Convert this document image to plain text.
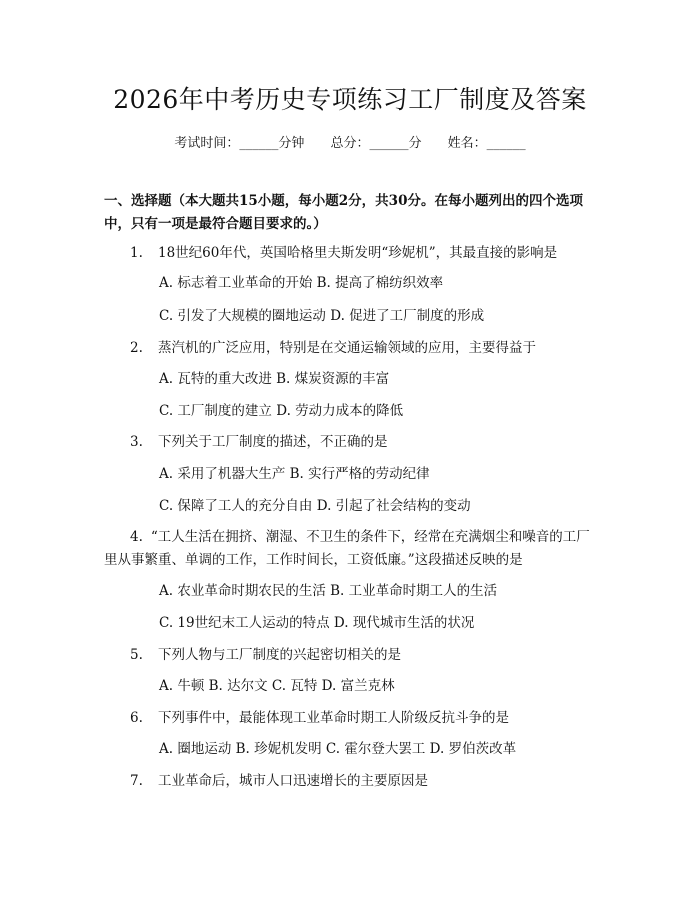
2026年中考历史专项练习工厂制度及答案
考试时间：______分钟 总分：______分 姓名：______
一、选择题（本大题共15小题，每小题2分，共30分。在每小题列出的四个选项中，只有一项是最符合题目要求的。）
1. 18世纪60年代，英国哈格里夫斯发明“珍妮机”，其最直接的影响是
A. 标志着工业革命的开始 B. 提高了棉纺织效率
C. 引发了大规模的圈地运动 D. 促进了工厂制度的形成
2. 蒸汽机的广泛应用，特别是在交通运输领域的应用，主要得益于
A. 瓦特的重大改进 B. 煤炭资源的丰富
C. 工厂制度的建立 D. 劳动力成本的降低
3. 下列关于工厂制度的描述，不正确的是
A. 采用了机器大生产 B. 实行严格的劳动纪律
C. 保障了工人的充分自由 D. 引起了社会结构的变动
4. “工人生活在拥挤、潮湿、不卫生的条件下，经常在充满烟尘和噪音的工厂里从事繁重、单调的工作，工作时间长，工资低廉。”这段描述反映的是
A. 农业革命时期农民的生活 B. 工业革命时期工人的生活
C. 19世纪末工人运动的特点 D. 现代城市生活的状况
5. 下列人物与工厂制度的兴起密切相关的是
A. 牛顿 B. 达尔文 C. 瓦特 D. 富兰克林
6. 下列事件中，最能体现工业革命时期工人阶级反抗斗争的是
A. 圈地运动 B. 珍妮机发明 C. 霍尔登大罢工 D. 罗伯茨改革
7. 工业革命后，城市人口迅速增长的主要原因是
